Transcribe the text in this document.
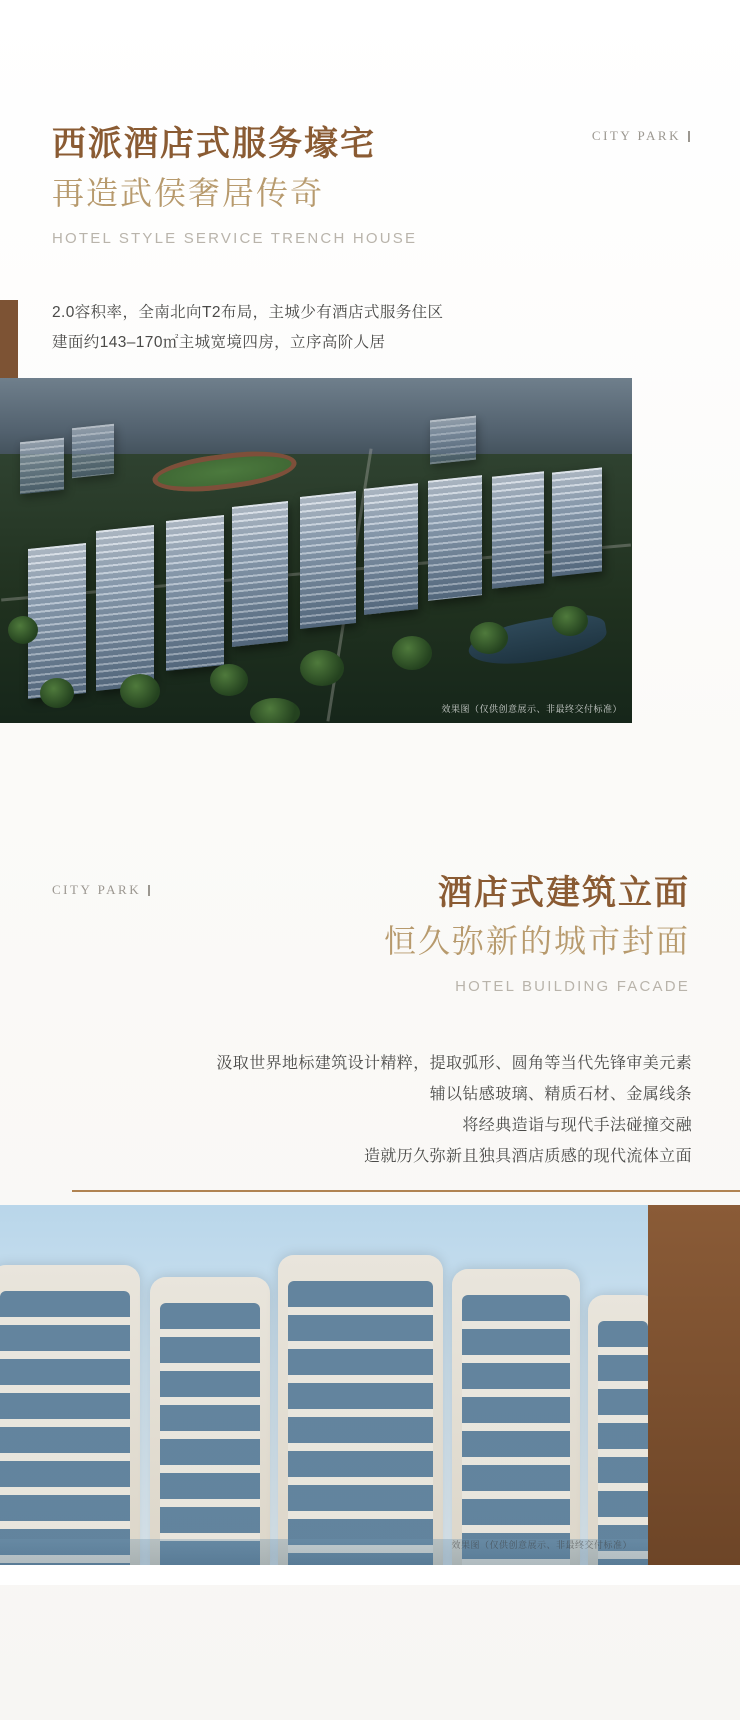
CITY PARK
西派酒店式服务壕宅
再造武侯奢居传奇
HOTEL STYLE SERVICE TRENCH HOUSE
2.0容积率，全南北向T2布局，主城少有酒店式服务住区
建面约143–170㎡主城宽境四房，立序高阶人居
效果图（仅供创意展示、非最终交付标准）
CITY PARK	酒店式建筑立面
恒久弥新的城市封面
HOTEL BUILDING FACADE
汲取世界地标建筑设计精粹，提取弧形、圆角等当代先锋审美元素
辅以钻感玻璃、精质石材、金属线条
将经典造诣与现代手法碰撞交融
造就历久弥新且独具酒店质感的现代流体立面
效果图（仅供创意展示、非最终交付标准）
